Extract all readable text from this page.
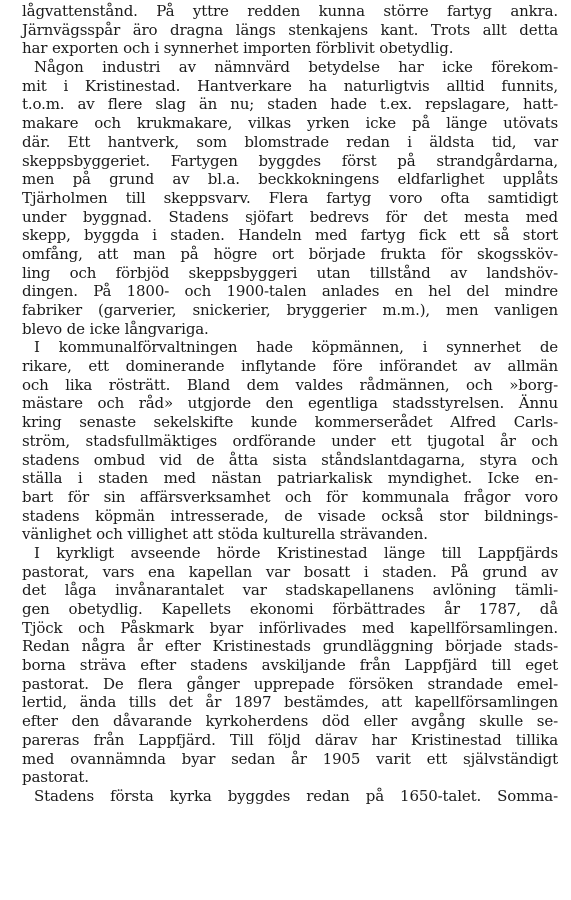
lågvattenstånd. På yttre redden kunna större fartyg ankra.
Järnvägsspår äro dragna längs stenkajens kant. Trots allt detta
har exporten och i synnerhet importen förblivit obetydlig.
Någon industri av nämnvärd betydelse har icke förekom-
mit i Kristinestad. Hantverkare ha naturligtvis alltid funnits,
t.o.m. av flere slag än nu; staden hade t.ex. repslagare, hatt-
makare och krukmakare, vilkas yrken icke på länge utövats
där. Ett hantverk, som blomstrade redan i äldsta tid, var
skeppsbyggeriet. Fartygen byggdes först på strandgårdarna,
men på grund av bl.a. beckkokningens eldfarlighet upplåts
Tjärholmen till skeppsvarv. Flera fartyg voro ofta samtidigt
under byggnad. Stadens sjöfart bedrevs för det mesta med
skepp, byggda i staden. Handeln med fartyg fick ett så stort
omfång, att man på högre ort började frukta för skogssköv-
ling och förbjöd skeppsbyggeri utan tillstånd av landshöv-
dingen. På 1800- och 1900-talen anlades en hel del mindre
fabriker (garverier, snickerier, bryggerier m.m.), men vanligen
blevo de icke långvariga.
I kommunalförvaltningen hade köpmännen, i synnerhet de
rikare, ett dominerande inflytande före införandet av allmän
och lika rösträtt. Bland dem valdes rådmännen, och »borg-
mästare och råd» utgjorde den egentliga stadsstyrelsen. Ännu
kring senaste sekelskifte kunde kommerserådet Alfred Carls-
ström, stadsfullmäktiges ordförande under ett tjugotal år och
stadens ombud vid de åtta sista ståndslantdagarna, styra och
ställa i staden med nästan patriarkalisk myndighet. Icke en-
bart för sin affärsverksamhet och för kommunala frågor voro
stadens köpmän intresserade, de visade också stor bildnings-
vänlighet och villighet att stöda kulturella strävanden.
I kyrkligt avseende hörde Kristinestad länge till Lappfjärds
pastorat, vars ena kapellan var bosatt i staden. På grund av
det låga invånarantalet var stadskapellanens avlöning tämli-
gen obetydlig. Kapellets ekonomi förbättrades år 1787, då
Tjöck och Påskmark byar införlivades med kapellförsamlingen.
Redan några år efter Kristinestads grundläggning började stads-
borna sträva efter stadens avskiljande från Lappfjärd till eget
pastorat. De flera gånger upprepade försöken strandade emel-
lertid, ända tills det år 1897 bestämdes, att kapellförsamlingen
efter den dåvarande kyrkoherdens död eller avgång skulle se-
pareras från Lappfjärd. Till följd därav har Kristinestad tillika
med ovannämnda byar sedan år 1905 varit ett självständigt
pastorat.
Stadens första kyrka byggdes redan på 1650-talet. Somma-
